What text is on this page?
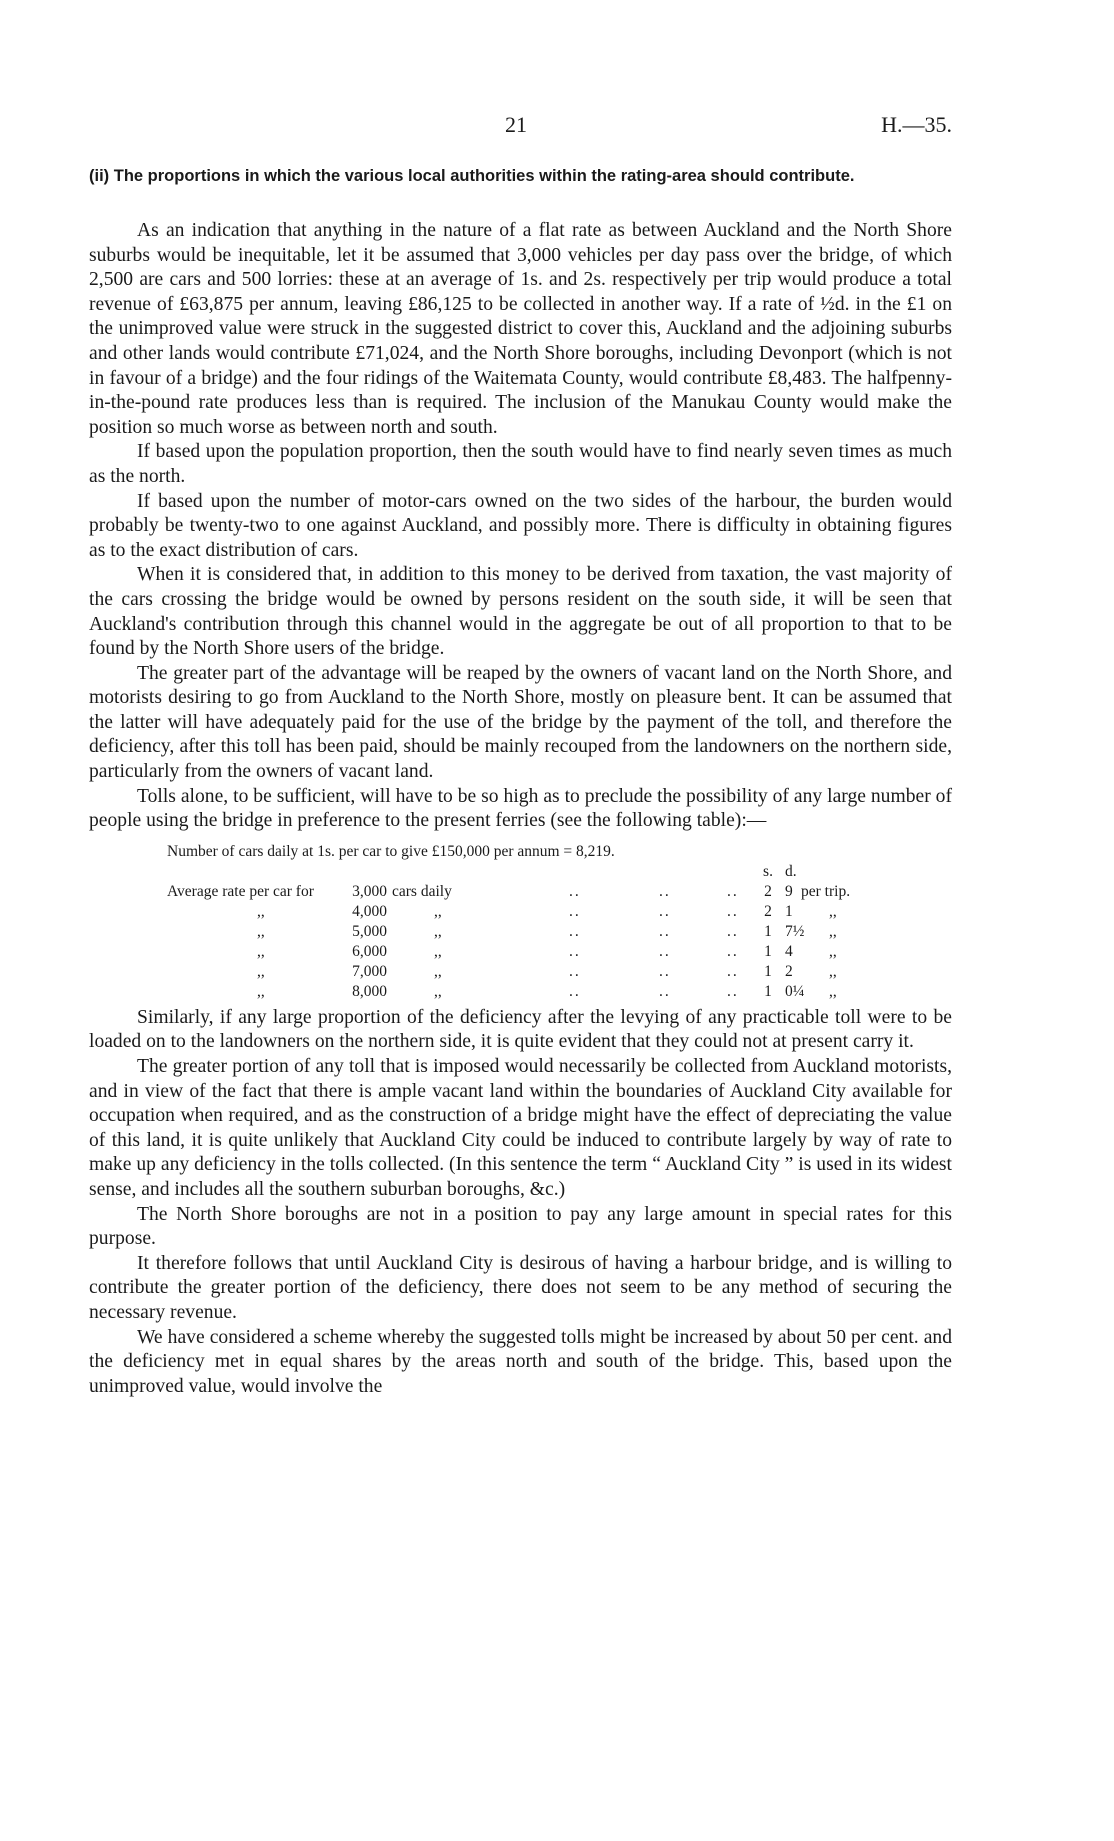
21	H.—35.
(ii) The proportions in which the various local authorities within the rating-area should contribute.

As an indication that anything in the nature of a flat rate as between Auckland and the North Shore suburbs would be inequitable, let it be assumed that 3,000 vehicles per day pass over the bridge, of which 2,500 are cars and 500 lorries: these at an average of 1s. and 2s. respectively per trip would produce a total revenue of £63,875 per annum, leaving £86,125 to be collected in another way. If a rate of ½d. in the £1 on the unimproved value were struck in the suggested district to cover this, Auckland and the adjoining suburbs and other lands would contribute £71,024, and the North Shore boroughs, including Devonport (which is not in favour of a bridge) and the four ridings of the Waitemata County, would contribute £8,483. The halfpenny-in-the-pound rate produces less than is required. The inclusion of the Manukau County would make the position so much worse as between north and south.

If based upon the population proportion, then the south would have to find nearly seven times as much as the north.

If based upon the number of motor-cars owned on the two sides of the harbour, the burden would probably be twenty-two to one against Auckland, and possibly more. There is difficulty in obtaining figures as to the exact distribution of cars.

When it is considered that, in addition to this money to be derived from taxation, the vast majority of the cars crossing the bridge would be owned by persons resident on the south side, it will be seen that Auckland's contribution through this channel would in the aggregate be out of all proportion to that to be found by the North Shore users of the bridge.

The greater part of the advantage will be reaped by the owners of vacant land on the North Shore, and motorists desiring to go from Auckland to the North Shore, mostly on pleasure bent. It can be assumed that the latter will have adequately paid for the use of the bridge by the payment of the toll, and therefore the deficiency, after this toll has been paid, should be mainly recouped from the landowners on the northern side, particularly from the owners of vacant land.

Tolls alone, to be sufficient, will have to be so high as to preclude the possibility of any large number of people using the bridge in preference to the present ferries (see the following table):—

Number of cars daily at 1s. per car to give £150,000 per annum = 8,219.
s. d.
Average rate per car for	3,000 cars daily	..	..	.. 2 9 per trip.
,,	4,000	,,	..	..	.. 2 1	,,
,,	5,000	,,	..	..	.. 1 7½ ,,
,,	6,000	,,	..	..	.. 1 4	,,
,,	7,000	,,	..	..	.. 1 2	,,
,,	8,000	,,	..	..	.. 1 0¼ ,,

Similarly, if any large proportion of the deficiency after the levying of any practicable toll were to be loaded on to the landowners on the northern side, it is quite evident that they could not at present carry it.

The greater portion of any toll that is imposed would necessarily be collected from Auckland motorists, and in view of the fact that there is ample vacant land within the boundaries of Auckland City available for occupation when required, and as the construction of a bridge might have the effect of depreciating the value of this land, it is quite unlikely that Auckland City could be induced to contribute largely by way of rate to make up any deficiency in the tolls collected. (In this sentence the term “ Auckland City ” is used in its widest sense, and includes all the southern suburban boroughs, &c.)

The North Shore boroughs are not in a position to pay any large amount in special rates for this purpose.

It therefore follows that until Auckland City is desirous of having a harbour bridge, and is willing to contribute the greater portion of the deficiency, there does not seem to be any method of securing the necessary revenue.

We have considered a scheme whereby the suggested tolls might be increased by about 50 per cent. and the deficiency met in equal shares by the areas north and south of the bridge. This, based upon the unimproved value, would involve the
